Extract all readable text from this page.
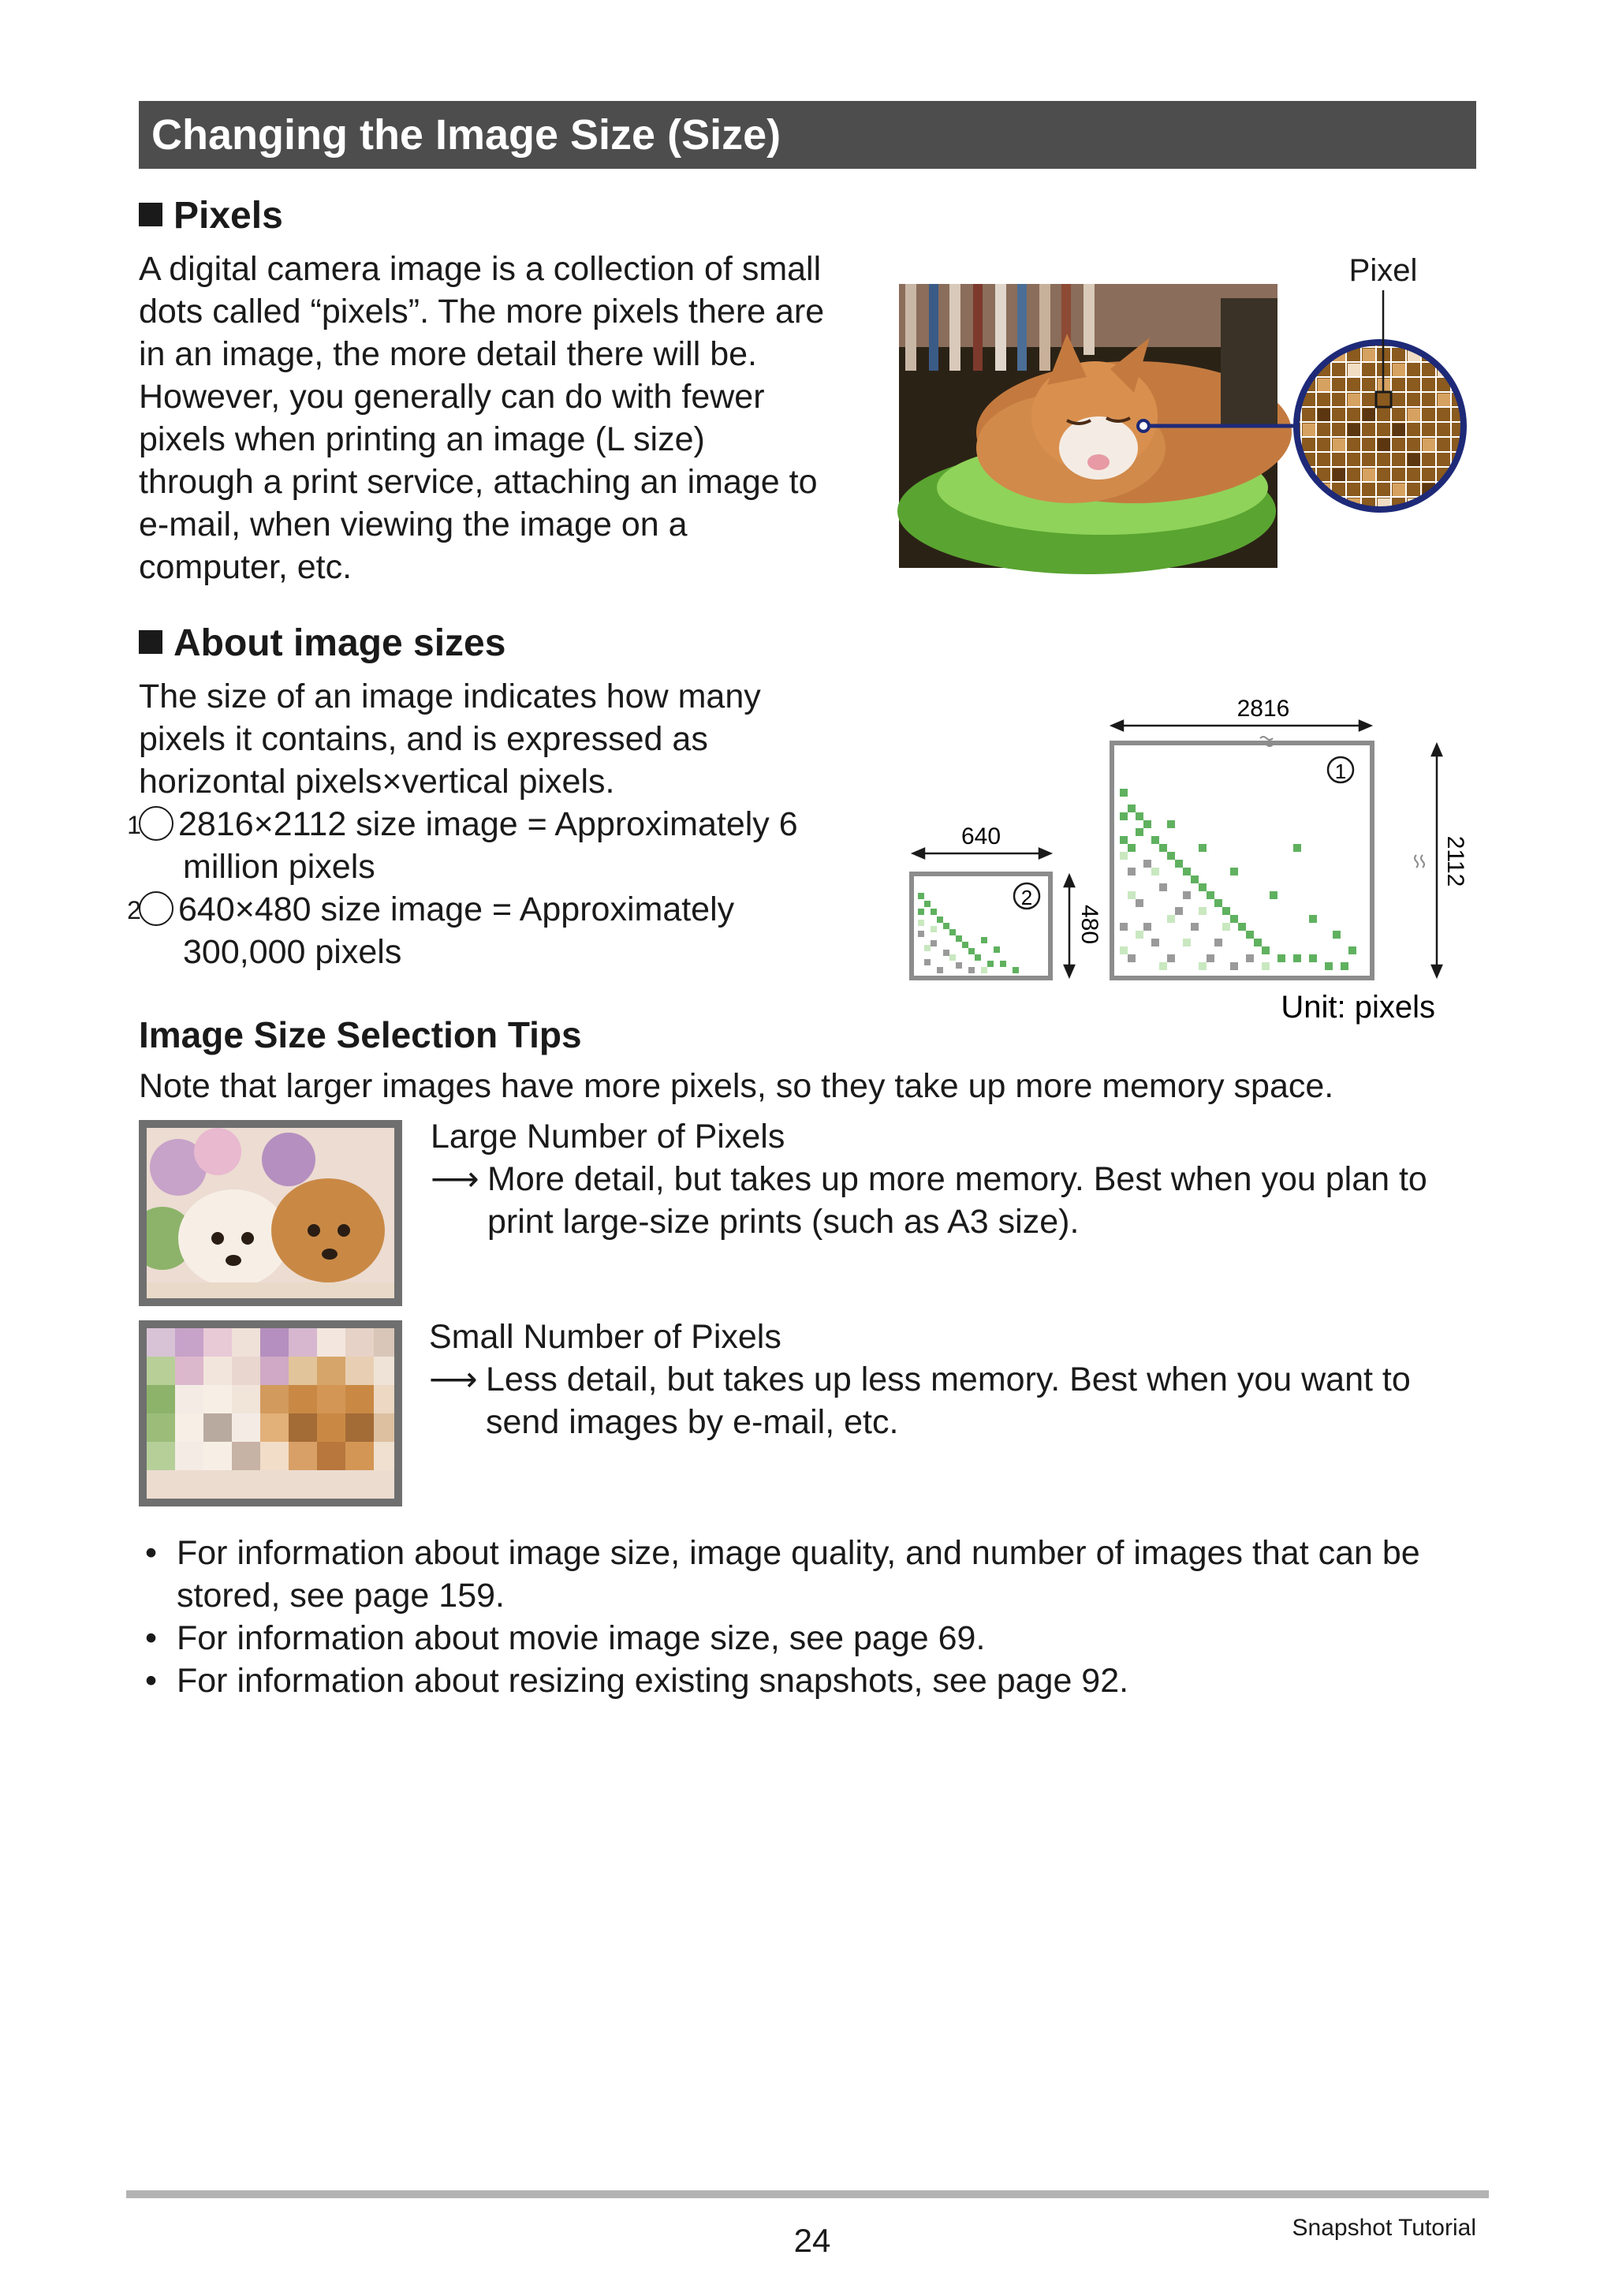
Changing the Image Size (Size)
Pixels
A digital camera image is a collection of small
dots called “pixels”. The more pixels there are
in an image, the more detail there will be.
However, you generally can do with fewer
pixels when printing an image (L size)
through a print service, attaching an image to
e-mail, when viewing the image on a
computer, etc.
Pixel
About image sizes
The size of an image indicates how many
pixels it contains, and is expressed as
horizontal pixels×vertical pixels.
1 2816×2112 size image = Approximately 6 million pixels
2 640×480 size image = Approximately 300,000 pixels
1
2
2816
640
480
2112
Unit: pixels
Image Size Selection Tips
Note that larger images have more pixels, so they take up more memory space.
Large Number of Pixels
⟶ More detail, but takes up more memory. Best when you plan to print large-size prints (such as A3 size).
Small Number of Pixels
⟶ Less detail, but takes up less memory. Best when you want to send images by e-mail, etc.
• For information about image size, image quality, and number of images that can be stored, see page 159.
• For information about movie image size, see page 69.
• For information about resizing existing snapshots, see page 92.
24	Snapshot Tutorial
